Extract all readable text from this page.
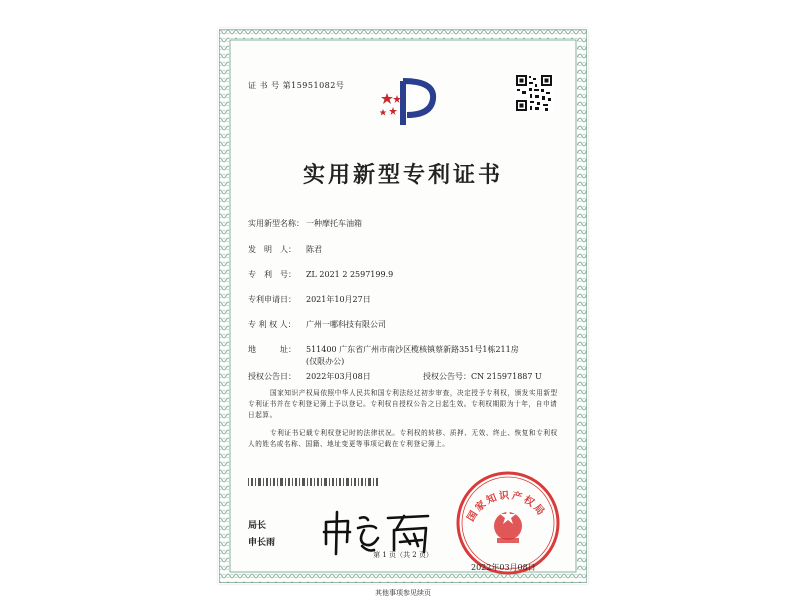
证 书 号 第15951082号
实用新型专利证书
实用新型名称： 一种摩托车油箱
发　明　人： 陈君
专　利　号： ZL 2021 2 2597199.9
专利申请日： 2021年10月27日
专 利 权 人： 广州一哪科技有限公司
地　　　址： 511400 广东省广州市南沙区榄核镇蔡新路351号1栋211房
(仅限办公)
授权公告日： 2022年03月08日	授权公告号：CN 215971887 U
国家知识产权局依照中华人民共和国专利法经过初步审查，决定授予专利权，颁发实用新型专利证书并在专利登记簿上予以登记。专利权自授权公告之日起生效。专利权期限为十年，自申请日起算。
专利证书记载专利权登记时的法律状况。专利权的转移、质押、无效、终止、恢复和专利权人的姓名或名称、国籍、地址变更等事项记载在专利登记簿上。
局长
申长雨
国家知识产权局
2022年03月08日
第 1 页（共 2 页）
其他事项参见续页
